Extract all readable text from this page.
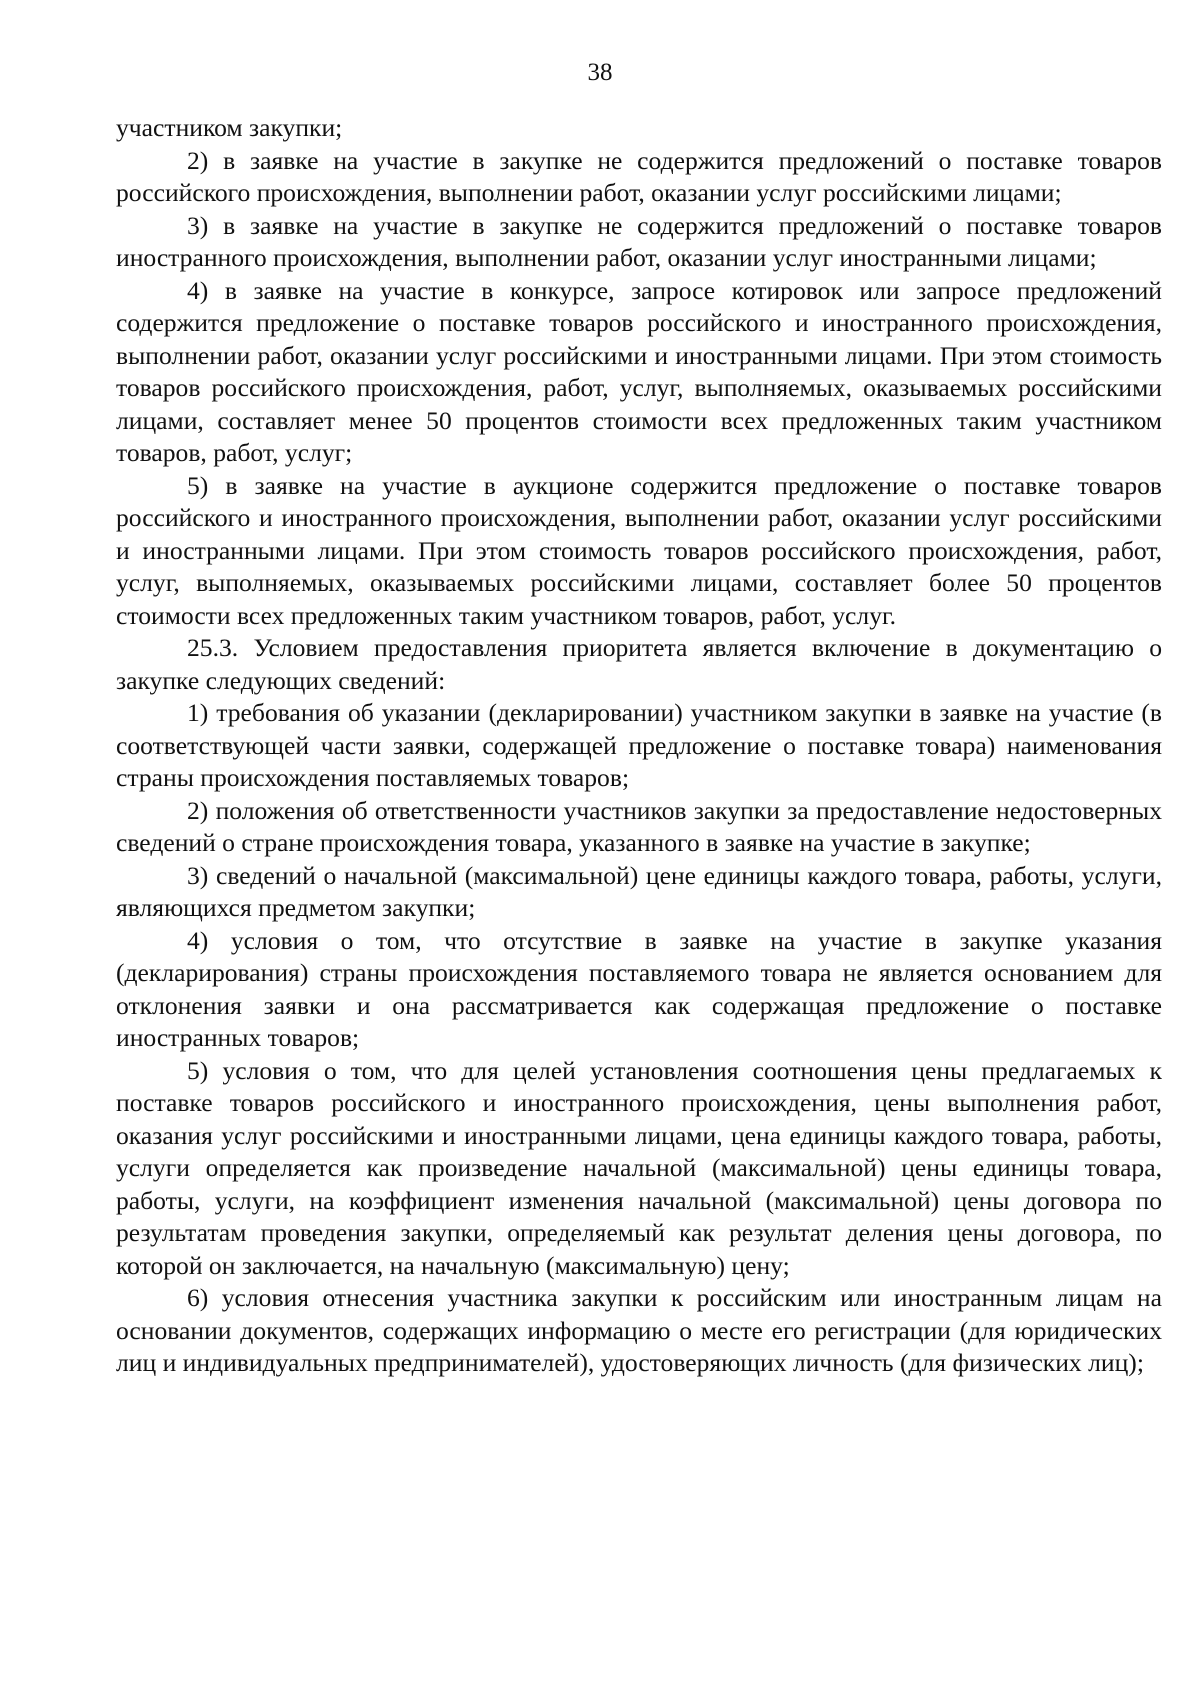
38

участником закупки;

2) в заявке на участие в закупке не содержится предложений о поставке товаров российского происхождения, выполнении работ, оказании услуг российскими лицами;

3) в заявке на участие в закупке не содержится предложений о поставке товаров иностранного происхождения, выполнении работ, оказании услуг иностранными лицами;

4) в заявке на участие в конкурсе, запросе котировок или запросе предложений содержится предложение о поставке товаров российского и иностранного происхождения, выполнении работ, оказании услуг российскими и иностранными лицами. При этом стоимость товаров российского происхождения, работ, услуг, выполняемых, оказываемых российскими лицами, составляет менее 50 процентов стоимости всех предложенных таким участником товаров, работ, услуг;

5) в заявке на участие в аукционе содержится предложение о поставке товаров российского и иностранного происхождения, выполнении работ, оказании услуг российскими и иностранными лицами. При этом стоимость товаров российского происхождения, работ, услуг, выполняемых, оказываемых российскими лицами, составляет более 50 процентов стоимости всех предложенных таким участником товаров, работ, услуг.

25.3. Условием предоставления приоритета является включение в документацию о закупке следующих сведений:

1) требования об указании (декларировании) участником закупки в заявке на участие (в соответствующей части заявки, содержащей предложение о поставке товара) наименования страны происхождения поставляемых товаров;

2) положения об ответственности участников закупки за предоставление недостоверных сведений о стране происхождения товара, указанного в заявке на участие в закупке;

3) сведений о начальной (максимальной) цене единицы каждого товара, работы, услуги, являющихся предметом закупки;

4) условия о том, что отсутствие в заявке на участие в закупке указания (декларирования) страны происхождения поставляемого товара не является основанием для отклонения заявки и она рассматривается как содержащая предложение о поставке иностранных товаров;

5) условия о том, что для целей установления соотношения цены предлагаемых к поставке товаров российского и иностранного происхождения, цены выполнения работ, оказания услуг российскими и иностранными лицами, цена единицы каждого товара, работы, услуги определяется как произведение начальной (максимальной) цены единицы товара, работы, услуги, на коэффициент изменения начальной (максимальной) цены договора по результатам проведения закупки, определяемый как результат деления цены договора, по которой он заключается, на начальную (максимальную) цену;

6) условия отнесения участника закупки к российским или иностранным лицам на основании документов, содержащих информацию о месте его регистрации (для юридических лиц и индивидуальных предпринимателей), удостоверяющих личность (для физических лиц);
